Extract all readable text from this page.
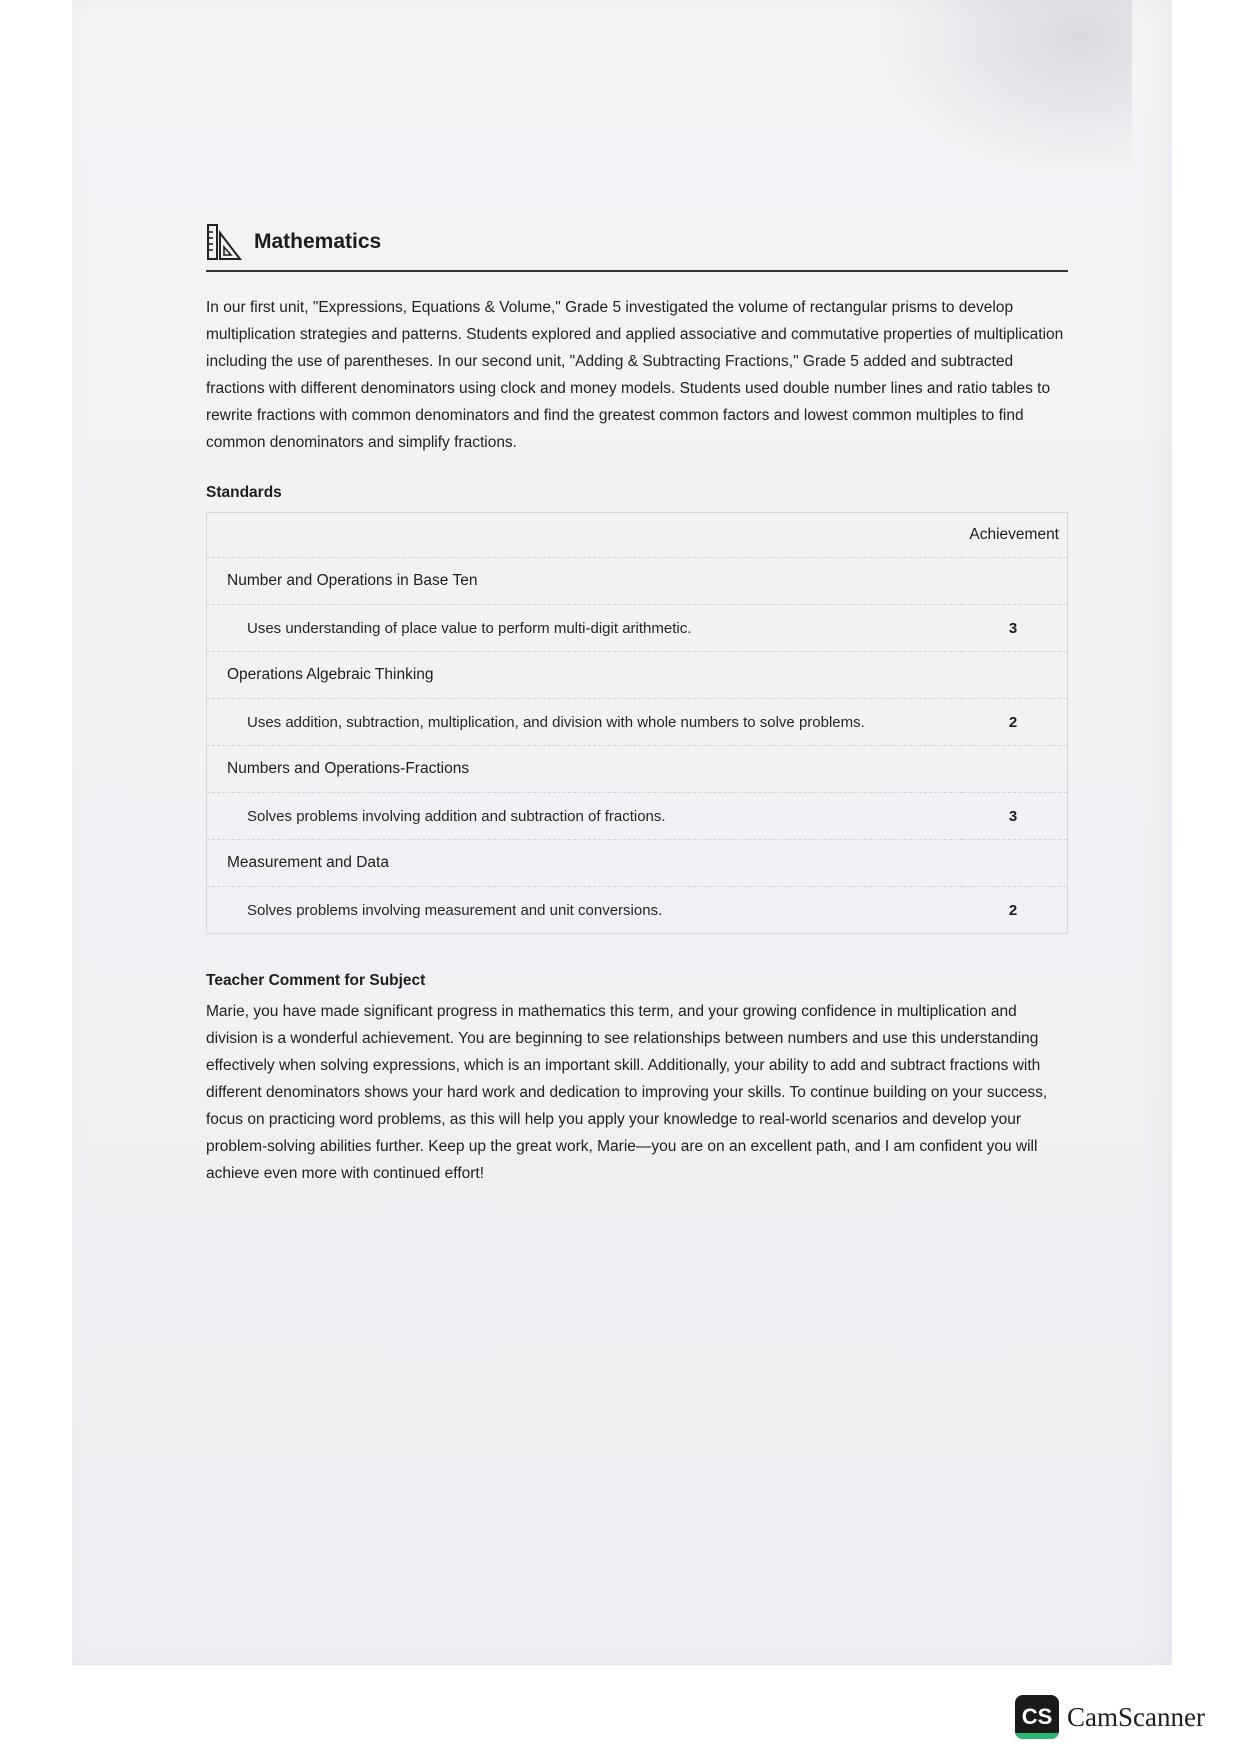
Mathematics
In our first unit, "Expressions, Equations & Volume," Grade 5 investigated the volume of rectangular prisms to develop multiplication strategies and patterns. Students explored and applied associative and commutative properties of multiplication including the use of parentheses. In our second unit, "Adding & Subtracting Fractions," Grade 5 added and subtracted fractions with different denominators using clock and money models. Students used double number lines and ratio tables to rewrite fractions with common denominators and find the greatest common factors and lowest common multiples to find common denominators and simplify fractions.
Standards
	Achievement
Number and Operations in Base Ten	
Uses understanding of place value to perform multi-digit arithmetic.	3
Operations Algebraic Thinking	
Uses addition, subtraction, multiplication, and division with whole numbers to solve problems.	2
Numbers and Operations-Fractions	
Solves problems involving addition and subtraction of fractions.	3
Measurement and Data	
Solves problems involving measurement and unit conversions.	2
Teacher Comment for Subject
Marie, you have made significant progress in mathematics this term, and your growing confidence in multiplication and division is a wonderful achievement. You are beginning to see relationships between numbers and use this understanding effectively when solving expressions, which is an important skill. Additionally, your ability to add and subtract fractions with different denominators shows your hard work and dedication to improving your skills. To continue building on your success, focus on practicing word problems, as this will help you apply your knowledge to real-world scenarios and develop your problem-solving abilities further. Keep up the great work, Marie—you are on an excellent path, and I am confident you will achieve even more with continued effort!
CS CamScanner
